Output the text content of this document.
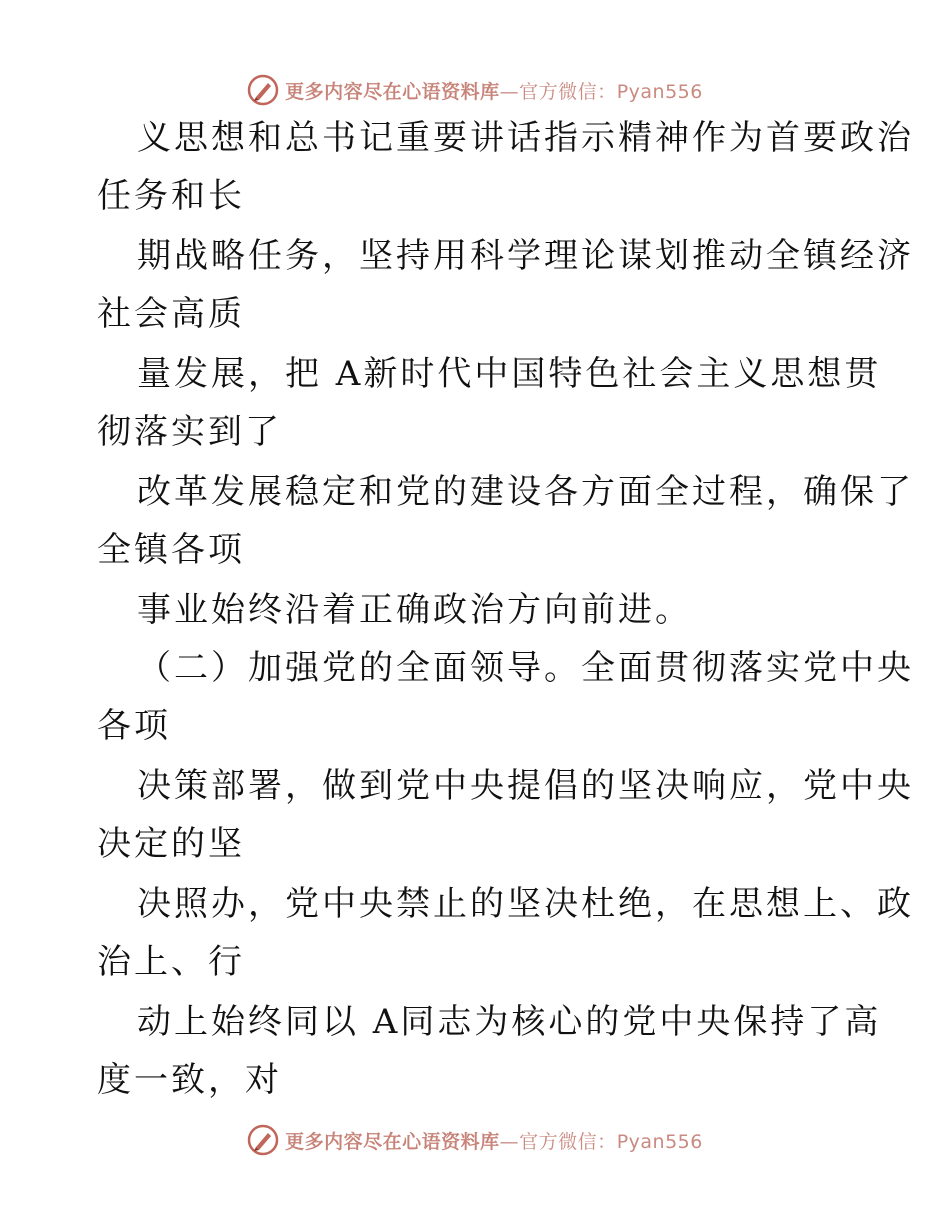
更多内容尽在心语资料库—官方微信：Pyan556
义思想和总书记重要讲话指示精神作为首要政治
任务和长
期战略任务，坚持用科学理论谋划推动全镇经济
社会高质
量发展，把 A新时代中国特色社会主义思想贯
彻落实到了
改革发展稳定和党的建设各方面全过程，确保了
全镇各项
事业始终沿着正确政治方向前进。
（二）加强党的全面领导。全面贯彻落实党中央
各项
决策部署，做到党中央提倡的坚决响应，党中央
决定的坚
决照办，党中央禁止的坚决杜绝，在思想上、政
治上、行
动上始终同以 A同志为核心的党中央保持了高
度一致，对
更多内容尽在心语资料库—官方微信：Pyan556
